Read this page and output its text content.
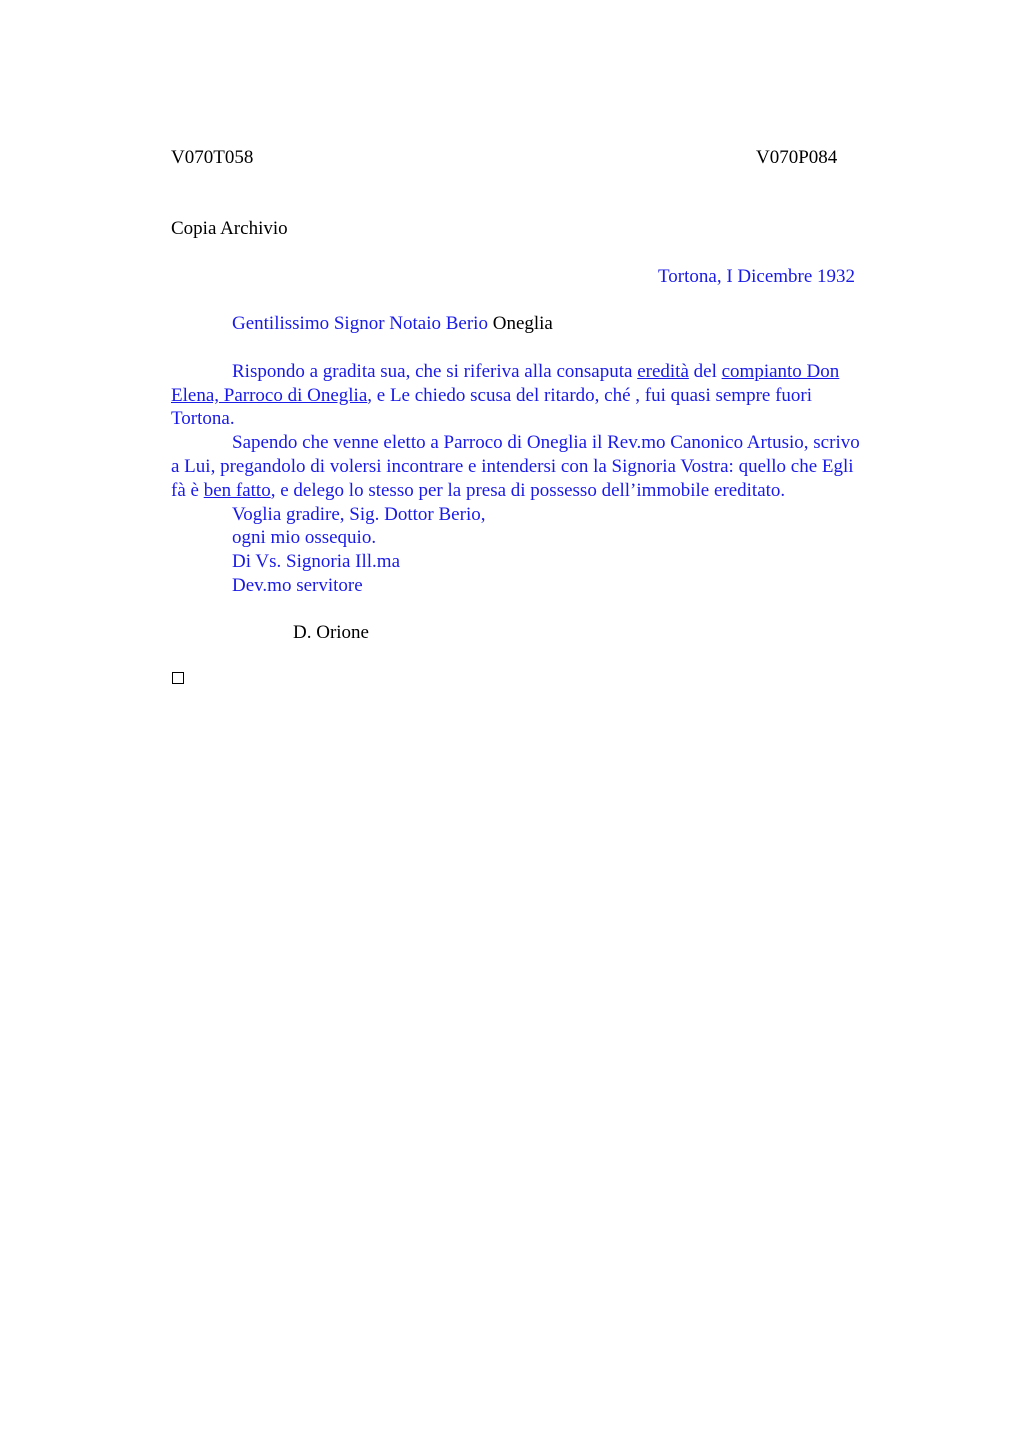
V070T058	V070P084
Copia Archivio
Tortona, I Dicembre 1932
Gentilissimo Signor Notaio Berio Oneglia
Rispondo a gradita sua, che si riferiva alla consaputa eredità del compianto Don
Elena, Parroco di Oneglia, e Le chiedo scusa del ritardo, ché , fui quasi sempre fuori
Tortona.
Sapendo che venne eletto a Parroco di Oneglia il Rev.mo Canonico Artusio, scrivo
a Lui, pregandolo di volersi incontrare e intendersi con la Signoria Vostra: quello che Egli
fà è ben fatto, e delego lo stesso per la presa di possesso dell’immobile ereditato.
Voglia gradire, Sig. Dottor Berio,
ogni mio ossequio.
Di Vs. Signoria Ill.ma
Dev.mo servitore
D. Orione
